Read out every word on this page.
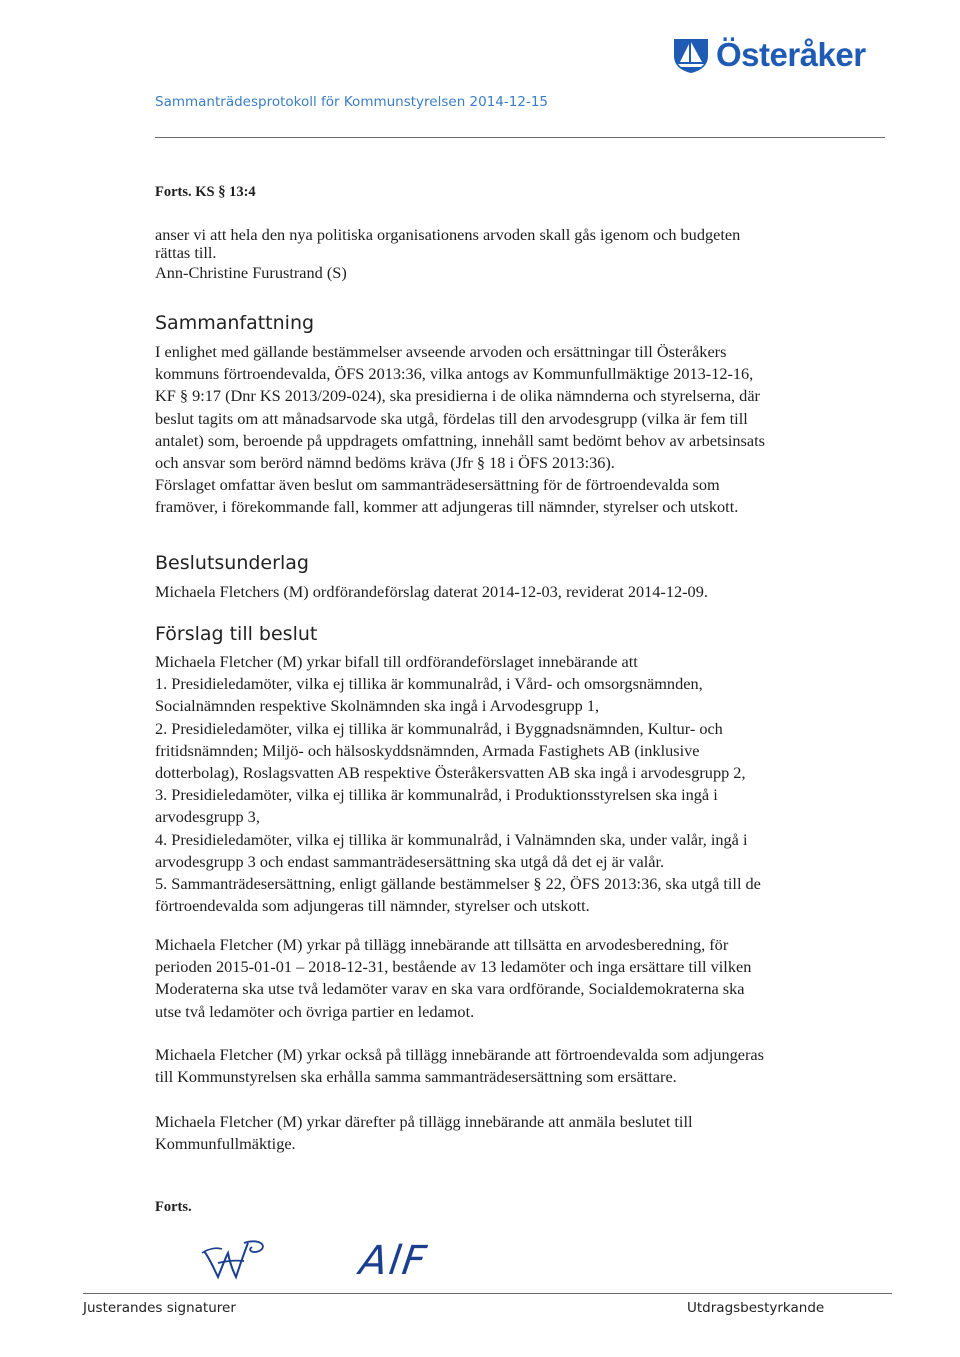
Österåker
Sammanträdesprotokoll för Kommunstyrelsen 2014-12-15
Forts. KS § 13:4
anser vi att hela den nya politiska organisationens arvoden skall gås igenom och budgeten
rättas till.
Ann-Christine Furustrand (S)
Sammanfattning
I enlighet med gällande bestämmelser avseende arvoden och ersättningar till Österåkers
kommuns förtroendevalda, ÖFS 2013:36, vilka antogs av Kommunfullmäktige 2013-12-16,
KF § 9:17 (Dnr KS 2013/209-024), ska presidierna i de olika nämnderna och styrelserna, där
beslut tagits om att månadsarvode ska utgå, fördelas till den arvodesgrupp (vilka är fem till
antalet) som, beroende på uppdragets omfattning, innehåll samt bedömt behov av arbetsinsats
och ansvar som berörd nämnd bedöms kräva (Jfr § 18 i ÖFS 2013:36).
Förslaget omfattar även beslut om sammanträdesersättning för de förtroendevalda som
framöver, i förekommande fall, kommer att adjungeras till nämnder, styrelser och utskott.
Beslutsunderlag
Michaela Fletchers (M) ordförandeförslag daterat 2014-12-03, reviderat 2014-12-09.
Förslag till beslut
Michaela Fletcher (M) yrkar bifall till ordförandeförslaget innebärande att
1. Presidieledamöter, vilka ej tillika är kommunalråd, i Vård- och omsorgsnämnden,
Socialnämnden respektive Skolnämnden ska ingå i Arvodesgrupp 1,
2. Presidieledamöter, vilka ej tillika är kommunalråd, i Byggnadsnämnden, Kultur- och
fritidsnämnden; Miljö- och hälsoskyddsnämnden, Armada Fastighets AB (inklusive
dotterbolag), Roslagsvatten AB respektive Österåkersvatten AB ska ingå i arvodesgrupp 2,
3. Presidieledamöter, vilka ej tillika är kommunalråd, i Produktionsstyrelsen ska ingå i
arvodesgrupp 3,
4. Presidieledamöter, vilka ej tillika är kommunalråd, i Valnämnden ska, under valår, ingå i
arvodesgrupp 3 och endast sammanträdesersättning ska utgå då det ej är valår.
5. Sammanträdesersättning, enligt gällande bestämmelser § 22, ÖFS 2013:36, ska utgå till de
förtroendevalda som adjungeras till nämnder, styrelser och utskott.
Michaela Fletcher (M) yrkar på tillägg innebärande att tillsätta en arvodesberedning, för
perioden 2015-01-01 – 2018-12-31, bestående av 13 ledamöter och inga ersättare till vilken
Moderaterna ska utse två ledamöter varav en ska vara ordförande, Socialdemokraterna ska
utse två ledamöter och övriga partier en ledamot.
Michaela Fletcher (M) yrkar också på tillägg innebärande att förtroendevalda som adjungeras
till Kommunstyrelsen ska erhålla samma sammanträdesersättning som ersättare.
Michaela Fletcher (M) yrkar därefter på tillägg innebärande att anmäla beslutet till
Kommunfullmäktige.
Forts.
AlF
Justerandes signaturer	Utdragsbestyrkande
